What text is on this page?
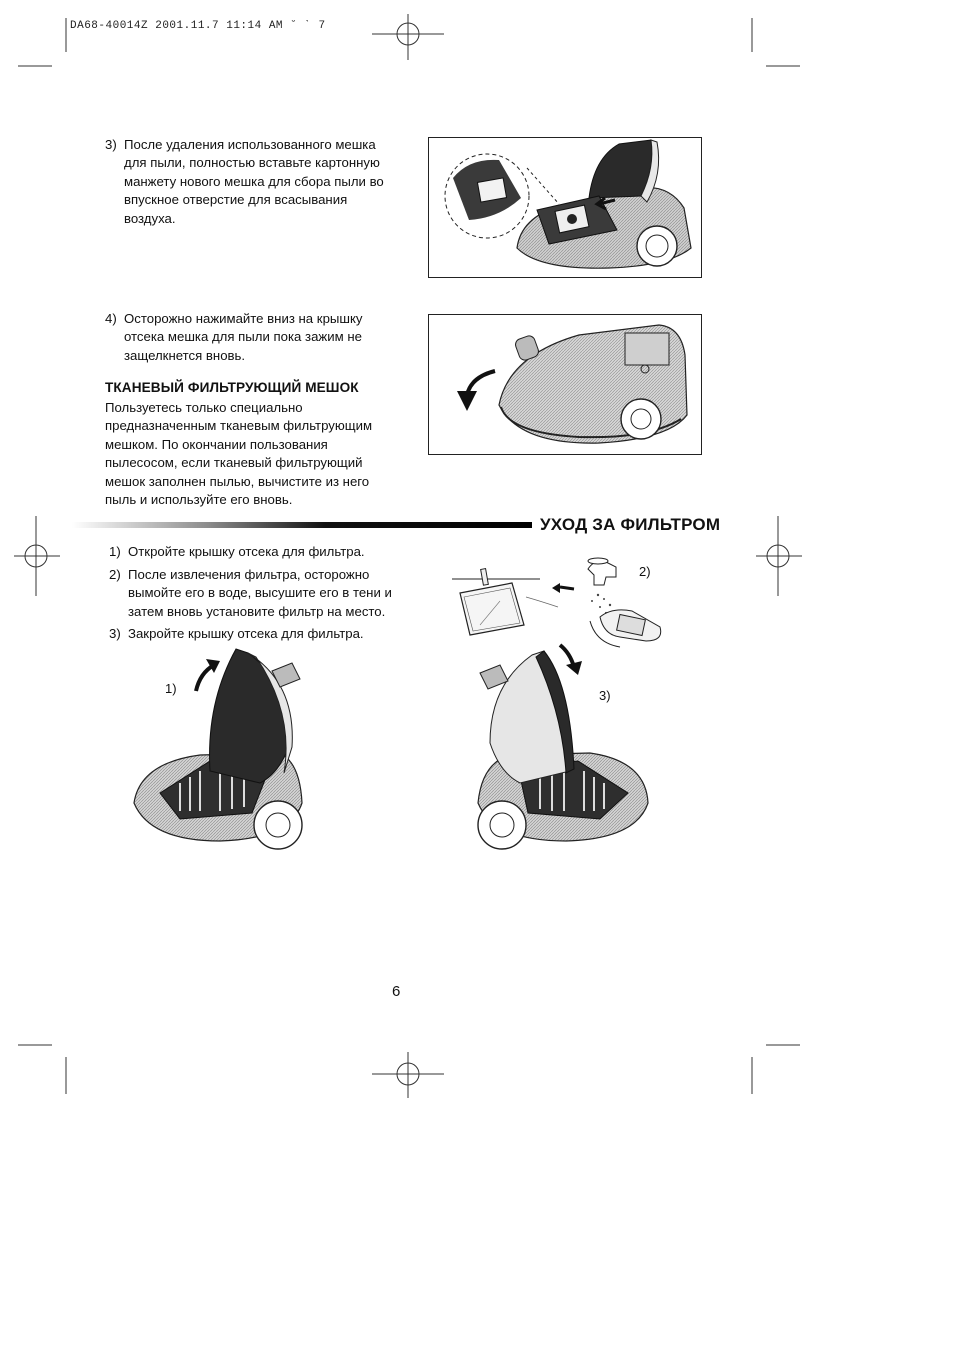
DA68-40014Z 2001.11.7 11:14 AM ˘ ˋ 7
3) После удаления использованного мешка
для пыли, полностью вставьте картонную
манжету нового мешка для сбора пыли во
впускное отверстие для всасывания
воздуха.
4) Осторожно нажимайте вниз на крышку
отсека мешка для пыли пока зажим не
защелкнется вновь.
ТКАНЕВЫЙ ФИЛЬТРУЮЩИЙ МЕШОК
Пользуетесь только специально
предназначенным тканевым фильтрующим
мешком. По окончании пользования
пылесосом, если тканевый фильтрующий
мешок заполнен пылью, вычистите из него
пыль и используйте его вновь.
УХОД ЗА ФИЛЬТРОМ
1) Откройте крышку отсека для фильтра.
2) После извлечения фильтра, осторожно
вымойте его в воде, высушите его в тени и
затем вновь установите фильтр на место.
3) Закройте крышку отсека для фильтра.
2)
1)	3)
6
